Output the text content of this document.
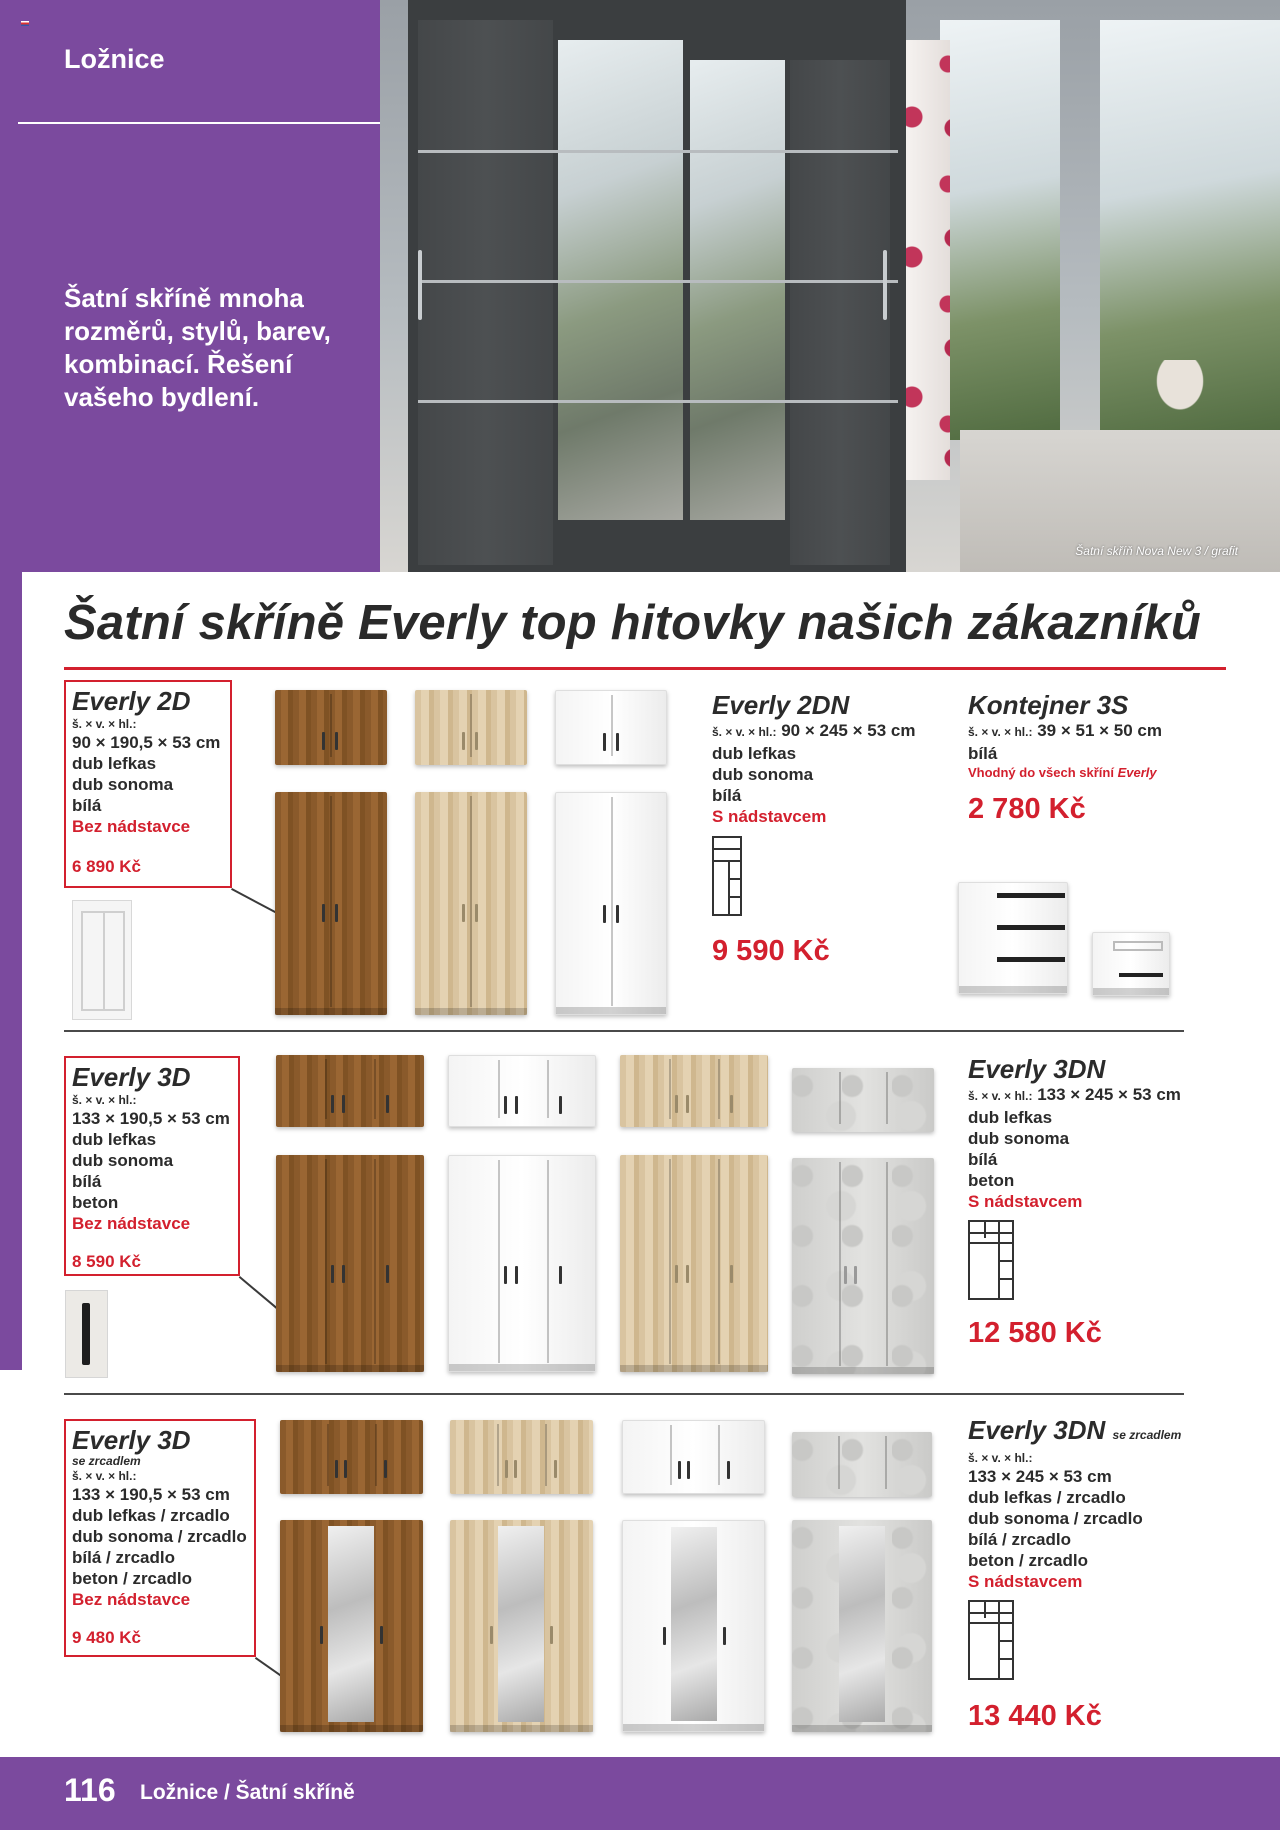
Ložnice
Šatní skříně mnoha
rozměrů, stylů, barev,
kombinací. Řešení
vašeho bydlení.
Šatní skříň Nova New 3 / grafit
Šatní skříně Everly top hitovky našich zákazníků
Everly 2D
š. × v. × hl.:
90 × 190,5 × 53 cm
dub lefkas
dub sonoma
bílá
Bez nádstavce
6 890 Kč
Everly 2DN
š. × v. × hl.: 90 × 245 × 53 cm
dub lefkas
dub sonoma
bílá
S nádstavcem
9 590 Kč
Kontejner 3S
š. × v. × hl.: 39 × 51 × 50 cm
bílá
Vhodný do všech skříní Everly
2 780 Kč
Everly 3D
š. × v. × hl.:
133 × 190,5 × 53 cm
dub lefkas
dub sonoma
bílá
beton
Bez nádstavce
8 590 Kč
Everly 3DN
š. × v. × hl.: 133 × 245 × 53 cm
dub lefkas
dub sonoma
bílá
beton
S nádstavcem
12 580 Kč
Everly 3D
se zrcadlem
š. × v. × hl.:
133 × 190,5 × 53 cm
dub lefkas / zrcadlo
dub sonoma / zrcadlo
bílá / zrcadlo
beton / zrcadlo
Bez nádstavce
9 480 Kč
Everly 3DN se zrcadlem
š. × v. × hl.:
133 × 245 × 53 cm
dub lefkas / zrcadlo
dub sonoma / zrcadlo
bílá / zrcadlo
beton / zrcadlo
S nádstavcem
13 440 Kč
116 Ložnice / Šatní skříně
